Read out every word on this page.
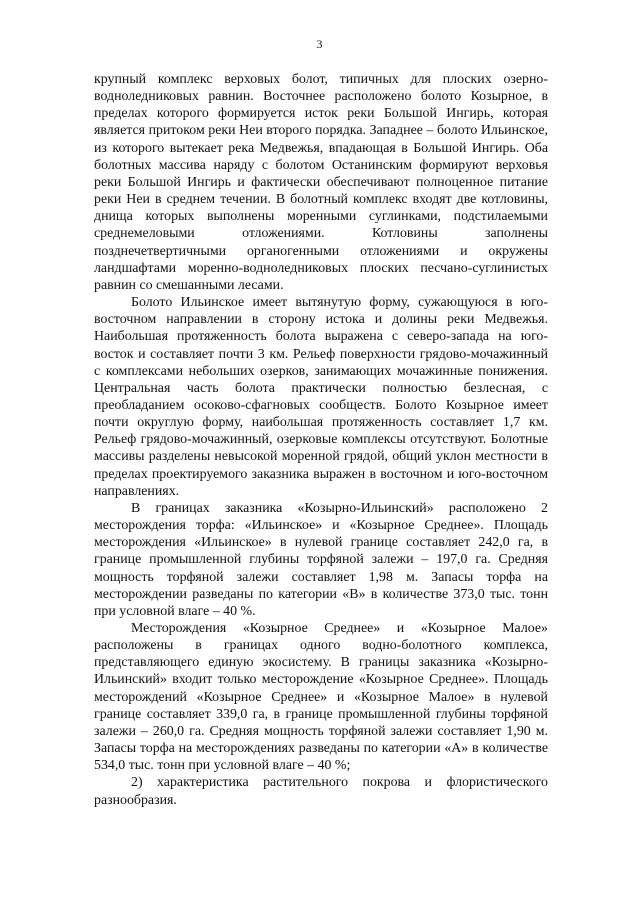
3

крупный комплекс верховых болот, типичных для плоских озерно-водноледниковых равнин. Восточнее расположено болото Козырное, в пределах которого формируется исток реки Большой Ингирь, которая является притоком реки Неи второго порядка. Западнее – болото Ильинское, из которого вытекает река Медвежья, впадающая в Большой Ингирь. Оба болотных массива наряду с болотом Останинским формируют верховья реки Большой Ингирь и фактически обеспечивают полноценное питание реки Неи в среднем течении. В болотный комплекс входят две котловины, днища которых выполнены моренными суглинками, подстилаемыми среднемеловыми отложениями. Котловины заполнены позднечетвертичными органогенными отложениями и окружены ландшафтами моренно-водноледниковых плоских песчано-суглинистых равнин со смешанными лесами.

Болото Ильинское имеет вытянутую форму, сужающуюся в юго-восточном направлении в сторону истока и долины реки Медвежья. Наибольшая протяженность болота выражена с северо-запада на юго-восток и составляет почти 3 км. Рельеф поверхности грядово-мочажинный с комплексами небольших озерков, занимающих мочажинные понижения. Центральная часть болота практически полностью безлесная, с преобладанием осоково-сфагновых сообществ. Болото Козырное имеет почти округлую форму, наибольшая протяженность составляет 1,7 км. Рельеф грядово-мочажинный, озерковые комплексы отсутствуют. Болотные массивы разделены невысокой моренной грядой, общий уклон местности в пределах проектируемого заказника выражен в восточном и юго-восточном направлениях.

В границах заказника «Козырно-Ильинский» расположено 2 месторождения торфа: «Ильинское» и «Козырное Среднее». Площадь месторождения «Ильинское» в нулевой границе составляет 242,0 га, в границе промышленной глубины торфяной залежи – 197,0 га. Средняя мощность торфяной залежи составляет 1,98 м. Запасы торфа на месторождении разведаны по категории «В» в количестве 373,0 тыс. тонн при условной влаге – 40 %.

Месторождения «Козырное Среднее» и «Козырное Малое» расположены в границах одного водно-болотного комплекса, представляющего единую экосистему. В границы заказника «Козырно-Ильинский» входит только месторождение «Козырное Среднее». Площадь месторождений «Козырное Среднее» и «Козырное Малое» в нулевой границе составляет 339,0 га, в границе промышленной глубины торфяной залежи – 260,0 га. Средняя мощность торфяной залежи составляет 1,90 м. Запасы торфа на месторождениях разведаны по категории «А» в количестве 534,0 тыс. тонн при условной влаге – 40 %;

2) характеристика растительного покрова и флористического разнообразия.
